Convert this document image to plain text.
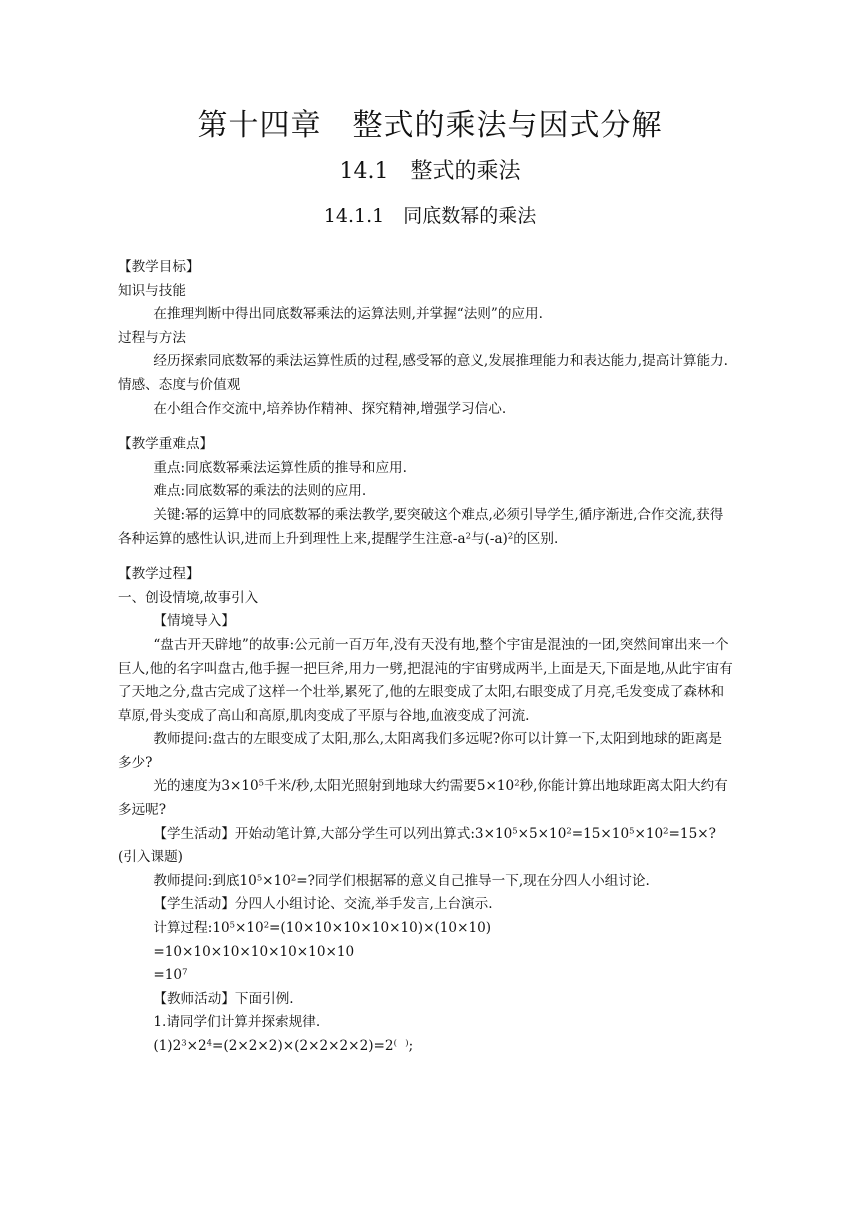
第十四章　整式的乘法与因式分解
14.1　整式的乘法
14.1.1　同底数幂的乘法

【教学目标】

知识与技能

在推理判断中得出同底数幂乘法的运算法则,并掌握“法则”的应用.

过程与方法

经历探索同底数幂的乘法运算性质的过程,感受幂的意义,发展推理能力和表达能力,提高计算能力.

情感、态度与价值观

在小组合作交流中,培养协作精神、探究精神,增强学习信心.

【教学重难点】

重点:同底数幂乘法运算性质的推导和应用.

难点:同底数幂的乘法的法则的应用.

关键:幂的运算中的同底数幂的乘法教学,要突破这个难点,必须引导学生,循序渐进,合作交流,获得各种运算的感性认识,进而上升到理性上来,提醒学生注意$-a^2$与$(-a)^2$的区别.

【教学过程】

一、创设情境,故事引入

【情境导入】

“盘古开天辟地”的故事:公元前一百万年,没有天没有地,整个宇宙是混浊的一团,突然间窜出来一个巨人,他的名字叫盘古,他手握一把巨斧,用力一劈,把混沌的宇宙劈成两半,上面是天,下面是地,从此宇宙有了天地之分,盘古完成了这样一个壮举,累死了,他的左眼变成了太阳,右眼变成了月亮,毛发变成了森林和草原,骨头变成了高山和高原,肌肉变成了平原与谷地,血液变成了河流.

教师提问:盘古的左眼变成了太阳,那么,太阳离我们多远呢?你可以计算一下,太阳到地球的距离是多少?

光的速度为$3\times 10^5$千米/秒,太阳光照射到地球大约需要$5\times 10^2$秒,你能计算出地球距离太阳大约有多远呢?

【学生活动】开始动笔计算,大部分学生可以列出算式$:3\times 10^5\times 5\times 10^2=15\times 10^5\times 10^2=15\times$?(引入课题)

教师提问:到底$10^5\times 10^2=$?同学们根据幂的意义自己推导一下,现在分四人小组讨论.

【学生活动】分四人小组讨论、交流,举手发言,上台演示.

计算过程$:10^5\times 10^2=(10\times 10\times 10\times 10\times 10)\times(10\times 10)$

=10×10×10×10×10×10×10

$=10^7$

【教师活动】下面引例.

1.请同学们计算并探索规律.

$(1)2^3\times 2^4=(2\times 2\times 2)\times(2\times 2\times 2\times 2)=2^{( )}$;
